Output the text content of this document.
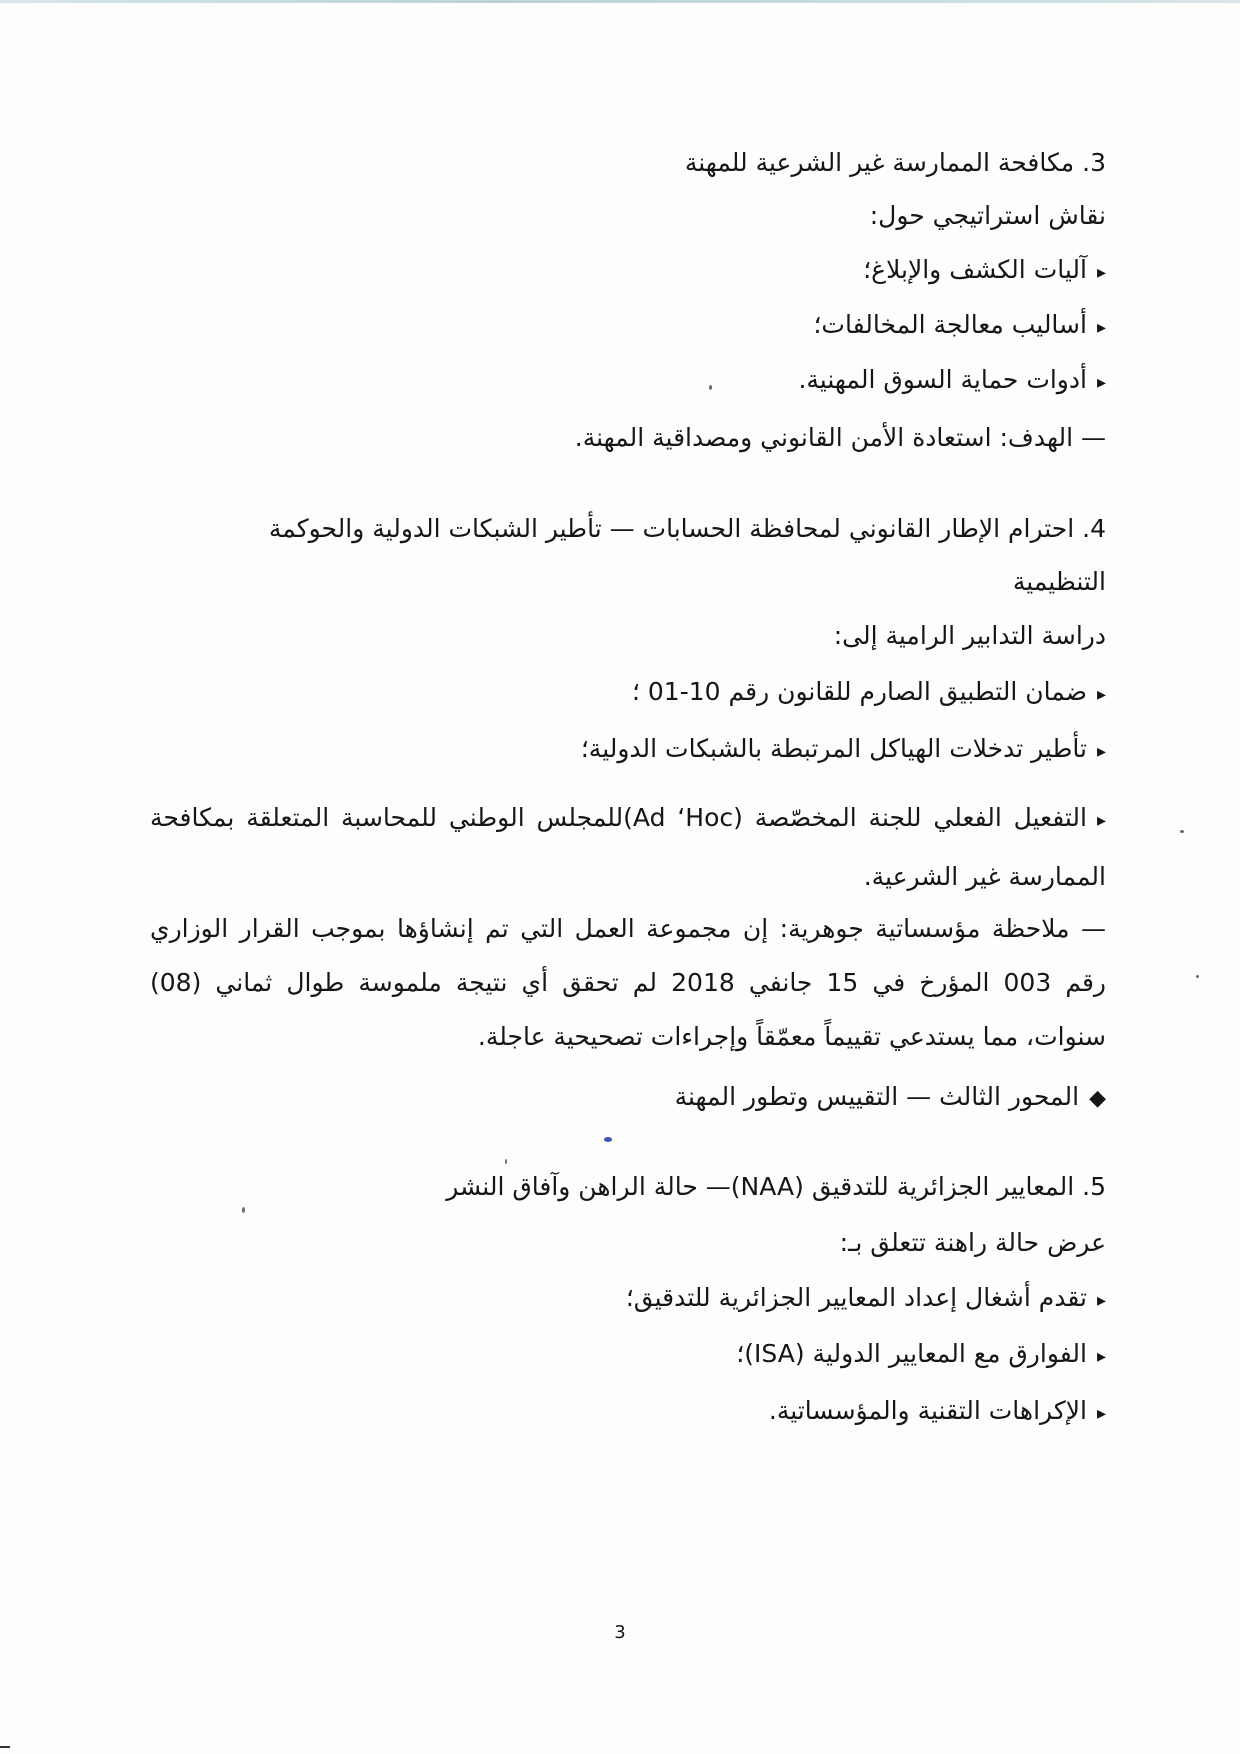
3. مكافحة الممارسة غير الشرعية للمهنة
نقاش استراتيجي حول:
▸ آليات الكشف والإبلاغ؛
▸ أساليب معالجة المخالفات؛
▸ أدوات حماية السوق المهنية.
— الهدف: استعادة الأمن القانوني ومصداقية المهنة.
4. احترام الإطار القانوني لمحافظة الحسابات — تأطير الشبكات الدولية والحوكمة
التنظيمية
دراسة التدابير الرامية إلى:
▸ ضمان التطبيق الصارم للقانون رقم 10-01 ؛
▸ تأطير تدخلات الهياكل المرتبطة بالشبكات الدولية؛
▸ التفعيل الفعلي للجنة المخصّصة (Ad ‘Hoc)للمجلس الوطني للمحاسبة المتعلقة بمكافحة الممارسة غير الشرعية.
— ملاحظة مؤسساتية جوهرية: إن مجموعة العمل التي تم إنشاؤها بموجب القرار الوزاري رقم 003 المؤرخ في 15 جانفي 2018 لم تحقق أي نتيجة ملموسة طوال ثماني (08) سنوات، مما يستدعي تقييماً معمّقاً وإجراءات تصحيحية عاجلة.
◆ المحور الثالث — التقييس وتطور المهنة
5. المعايير الجزائرية للتدقيق (NAA)— حالة الراهن وآفاق النشر
عرض حالة راهنة تتعلق بـ:
▸ تقدم أشغال إعداد المعايير الجزائرية للتدقيق؛
▸ الفوارق مع المعايير الدولية (ISA)؛
▸ الإكراهات التقنية والمؤسساتية.
3
